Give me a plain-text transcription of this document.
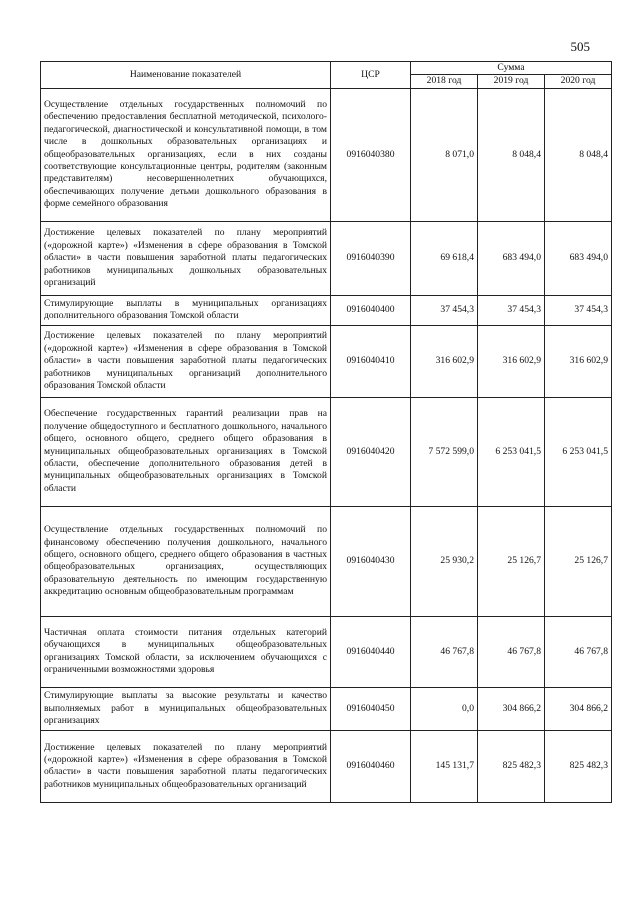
505
Наименование показателей	ЦСР	Сумма		
		2018 год	2019 год	2020 год
Осуществление отдельных государственных полномочий по обеспечению предоставления бесплатной методической, психолого-педагогической, диагностической и консультативной помощи, в том числе в дошкольных образовательных организациях и общеобразовательных организациях, если в них созданы соответствующие консультационные центры, родителям (законным представителям) несовершеннолетних обучающихся, обеспечивающих получение детьми дошкольного образования в форме семейного образования	0916040380	8 071,0	8 048,4	8 048,4
Достижение целевых показателей по плану мероприятий («дорожной карте») «Изменения в сфере образования в Томской области» в части повышения заработной платы педагогических работников муниципальных дошкольных образовательных организаций	0916040390	69 618,4	683 494,0	683 494,0
Стимулирующие выплаты в муниципальных организациях дополнительного образования Томской области	0916040400	37 454,3	37 454,3	37 454,3
Достижение целевых показателей по плану мероприятий («дорожной карте») «Изменения в сфере образования в Томской области» в части повышения заработной платы педагогических работников муниципальных организаций дополнительного образования Томской области	0916040410	316 602,9	316 602,9	316 602,9
Обеспечение государственных гарантий реализации прав на получение общедоступного и бесплатного дошкольного, начального общего, основного общего, среднего общего образования в муниципальных общеобразовательных организациях в Томской области, обеспечение дополнительного образования детей в муниципальных общеобразовательных организациях в Томской области	0916040420	7 572 599,0	6 253 041,5	6 253 041,5
Осуществление отдельных государственных полномочий по финансовому обеспечению получения дошкольного, начального общего, основного общего, среднего общего образования в частных общеобразовательных организациях, осуществляющих образовательную деятельность по имеющим государственную аккредитацию основным общеобразовательным программам	0916040430	25 930,2	25 126,7	25 126,7
Частичная оплата стоимости питания отдельных категорий обучающихся в муниципальных общеобразовательных организациях Томской области, за исключением обучающихся с ограниченными возможностями здоровья	0916040440	46 767,8	46 767,8	46 767,8
Стимулирующие выплаты за высокие результаты и качество выполняемых работ в муниципальных общеобразовательных организациях	0916040450	0,0	304 866,2	304 866,2
Достижение целевых показателей по плану мероприятий («дорожной карте») «Изменения в сфере образования в Томской области» в части повышения заработной платы педагогических работников муниципальных общеобразовательных организаций	0916040460	145 131,7	825 482,3	825 482,3
